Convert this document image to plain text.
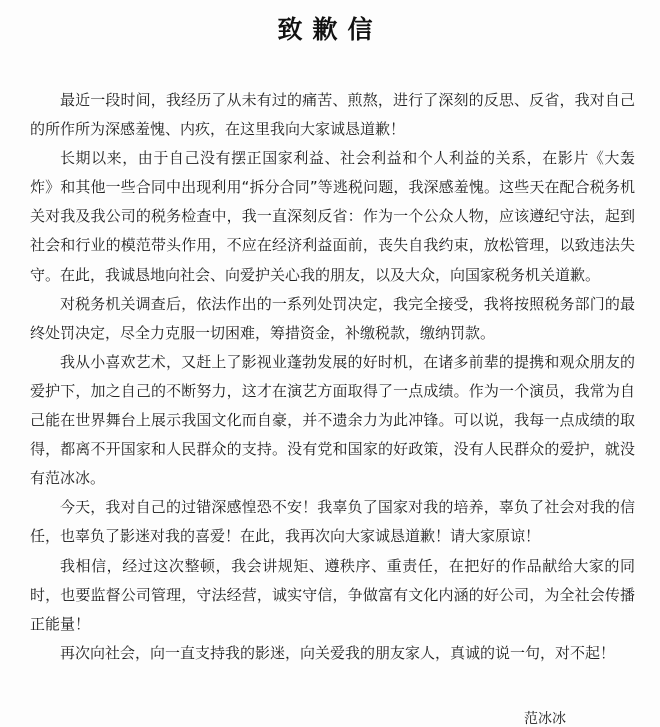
致歉信

最近一段时间，我经历了从未有过的痛苦、煎熬，进行了深刻的反思、反省，我对自己的所作所为深感羞愧、内疚，在这里我向大家诚恳道歉！

长期以来，由于自己没有摆正国家利益、社会利益和个人利益的关系，在影片《大轰炸》和其他一些合同中出现利用“拆分合同”等逃税问题，我深感羞愧。这些天在配合税务机关对我及我公司的税务检查中，我一直深刻反省：作为一个公众人物，应该遵纪守法，起到社会和行业的模范带头作用，不应在经济利益面前，丧失自我约束，放松管理，以致违法失守。在此，我诚恳地向社会、向爱护关心我的朋友，以及大众，向国家税务机关道歉。

对税务机关调查后，依法作出的一系列处罚决定，我完全接受，我将按照税务部门的最终处罚决定，尽全力克服一切困难，筹措资金，补缴税款，缴纳罚款。

我从小喜欢艺术，又赶上了影视业蓬勃发展的好时机，在诸多前辈的提携和观众朋友的爱护下，加之自己的不断努力，这才在演艺方面取得了一点成绩。作为一个演员，我常为自己能在世界舞台上展示我国文化而自豪，并不遗余力为此冲锋。可以说，我每一点成绩的取得，都离不开国家和人民群众的支持。没有党和国家的好政策，没有人民群众的爱护，就没有范冰冰。

今天，我对自己的过错深感惶恐不安！我辜负了国家对我的培养，辜负了社会对我的信任，也辜负了影迷对我的喜爱！在此，我再次向大家诚恳道歉！请大家原谅！

我相信，经过这次整顿，我会讲规矩、遵秩序、重责任，在把好的作品献给大家的同时，也要监督公司管理，守法经营，诚实守信，争做富有文化内涵的好公司，为全社会传播正能量！

再次向社会，向一直支持我的影迷，向关爱我的朋友家人，真诚的说一句，对不起！

范冰冰
